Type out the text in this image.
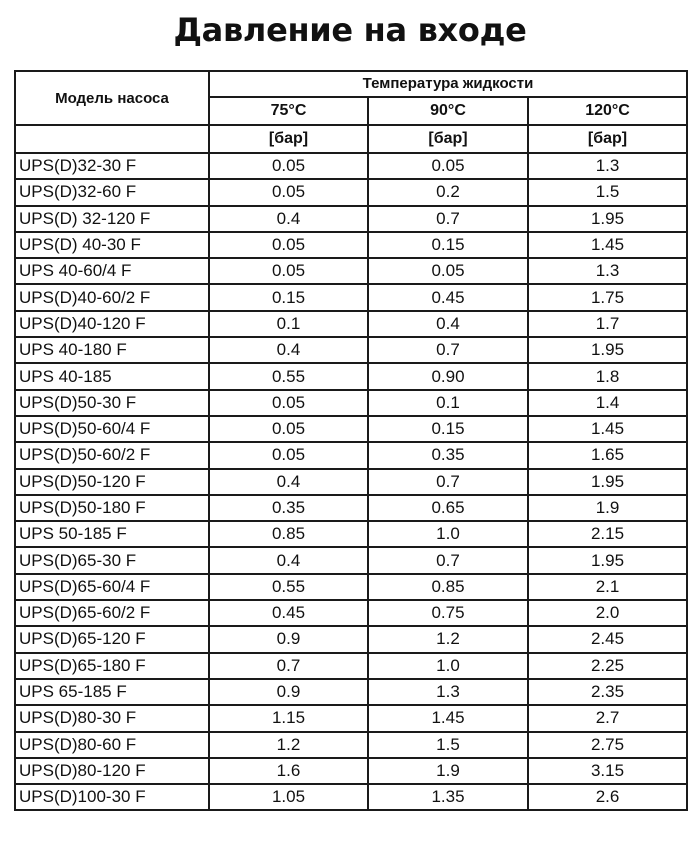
Давление на входе
Модель насоса	Температура жидкости		
	75°C	90°C	120°C
	[бар]	[бар]	[бар]
UPS(D)32-30 F	0.05	0.05	1.3
UPS(D)32-60 F	0.05	0.2	1.5
UPS(D) 32-120 F	0.4	0.7	1.95
UPS(D) 40-30 F	0.05	0.15	1.45
UPS 40-60/4 F	0.05	0.05	1.3
UPS(D)40-60/2 F	0.15	0.45	1.75
UPS(D)40-120 F	0.1	0.4	1.7
UPS 40-180 F	0.4	0.7	1.95
UPS 40-185	0.55	0.90	1.8
UPS(D)50-30 F	0.05	0.1	1.4
UPS(D)50-60/4 F	0.05	0.15	1.45
UPS(D)50-60/2 F	0.05	0.35	1.65
UPS(D)50-120 F	0.4	0.7	1.95
UPS(D)50-180 F	0.35	0.65	1.9
UPS 50-185 F	0.85	1.0	2.15
UPS(D)65-30 F	0.4	0.7	1.95
UPS(D)65-60/4 F	0.55	0.85	2.1
UPS(D)65-60/2 F	0.45	0.75	2.0
UPS(D)65-120 F	0.9	1.2	2.45
UPS(D)65-180 F	0.7	1.0	2.25
UPS 65-185 F	0.9	1.3	2.35
UPS(D)80-30 F	1.15	1.45	2.7
UPS(D)80-60 F	1.2	1.5	2.75
UPS(D)80-120 F	1.6	1.9	3.15
UPS(D)100-30 F	1.05	1.35	2.6
